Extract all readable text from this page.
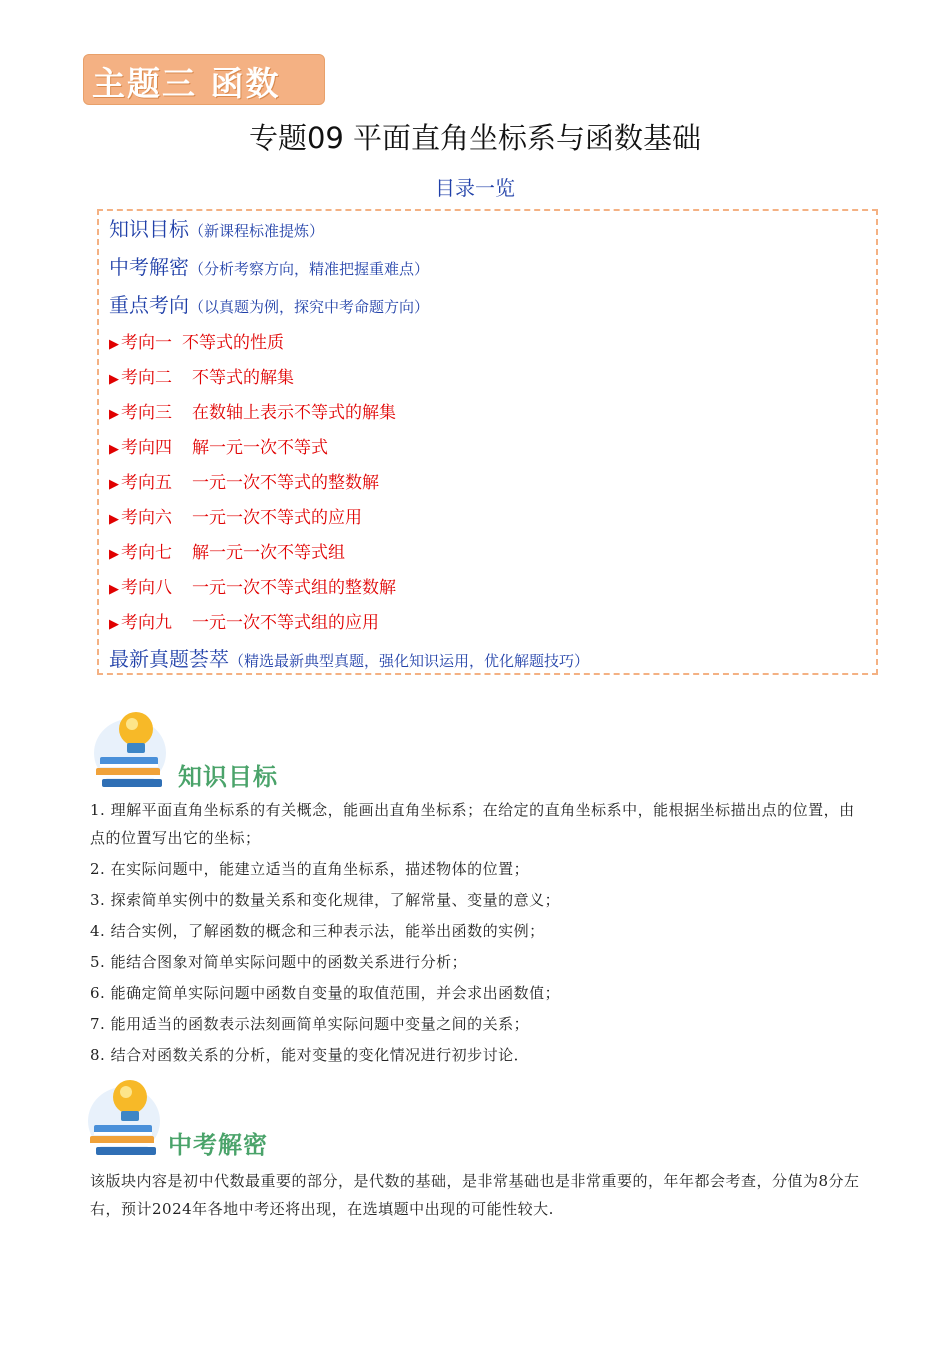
主题三 函数
专题09 平面直角坐标系与函数基础
目录一览
知识目标（新课程标准提炼）
中考解密（分析考察方向，精准把握重难点）
重点考向（以真题为例，探究中考命题方向）
▶ 考向一 不等式的性质
▶ 考向二 不等式的解集
▶ 考向三 在数轴上表示不等式的解集
▶ 考向四 解一元一次不等式
▶ 考向五 一元一次不等式的整数解
▶ 考向六 一元一次不等式的应用
▶ 考向七 解一元一次不等式组
▶ 考向八 一元一次不等式组的整数解
▶ 考向九 一元一次不等式组的应用
最新真题荟萃（精选最新典型真题，强化知识运用，优化解题技巧）
知识目标
1. 理解平面直角坐标系的有关概念，能画出直角坐标系；在给定的直角坐标系中，能根据坐标描出点的位置，由点的位置写出它的坐标；
2. 在实际问题中，能建立适当的直角坐标系，描述物体的位置；
3. 探索简单实例中的数量关系和变化规律，了解常量、变量的意义；
4. 结合实例，了解函数的概念和三种表示法，能举出函数的实例；
5. 能结合图象对简单实际问题中的函数关系进行分析；
6. 能确定简单实际问题中函数自变量的取值范围，并会求出函数值；
7. 能用适当的函数表示法刻画简单实际问题中变量之间的关系；
8. 结合对函数关系的分析，能对变量的变化情况进行初步讨论．
中考解密
该版块内容是初中代数最重要的部分，是代数的基础，是非常基础也是非常重要的，年年都会考查，分值为8分左右，预计2024年各地中考还将出现，在选填题中出现的可能性较大.
